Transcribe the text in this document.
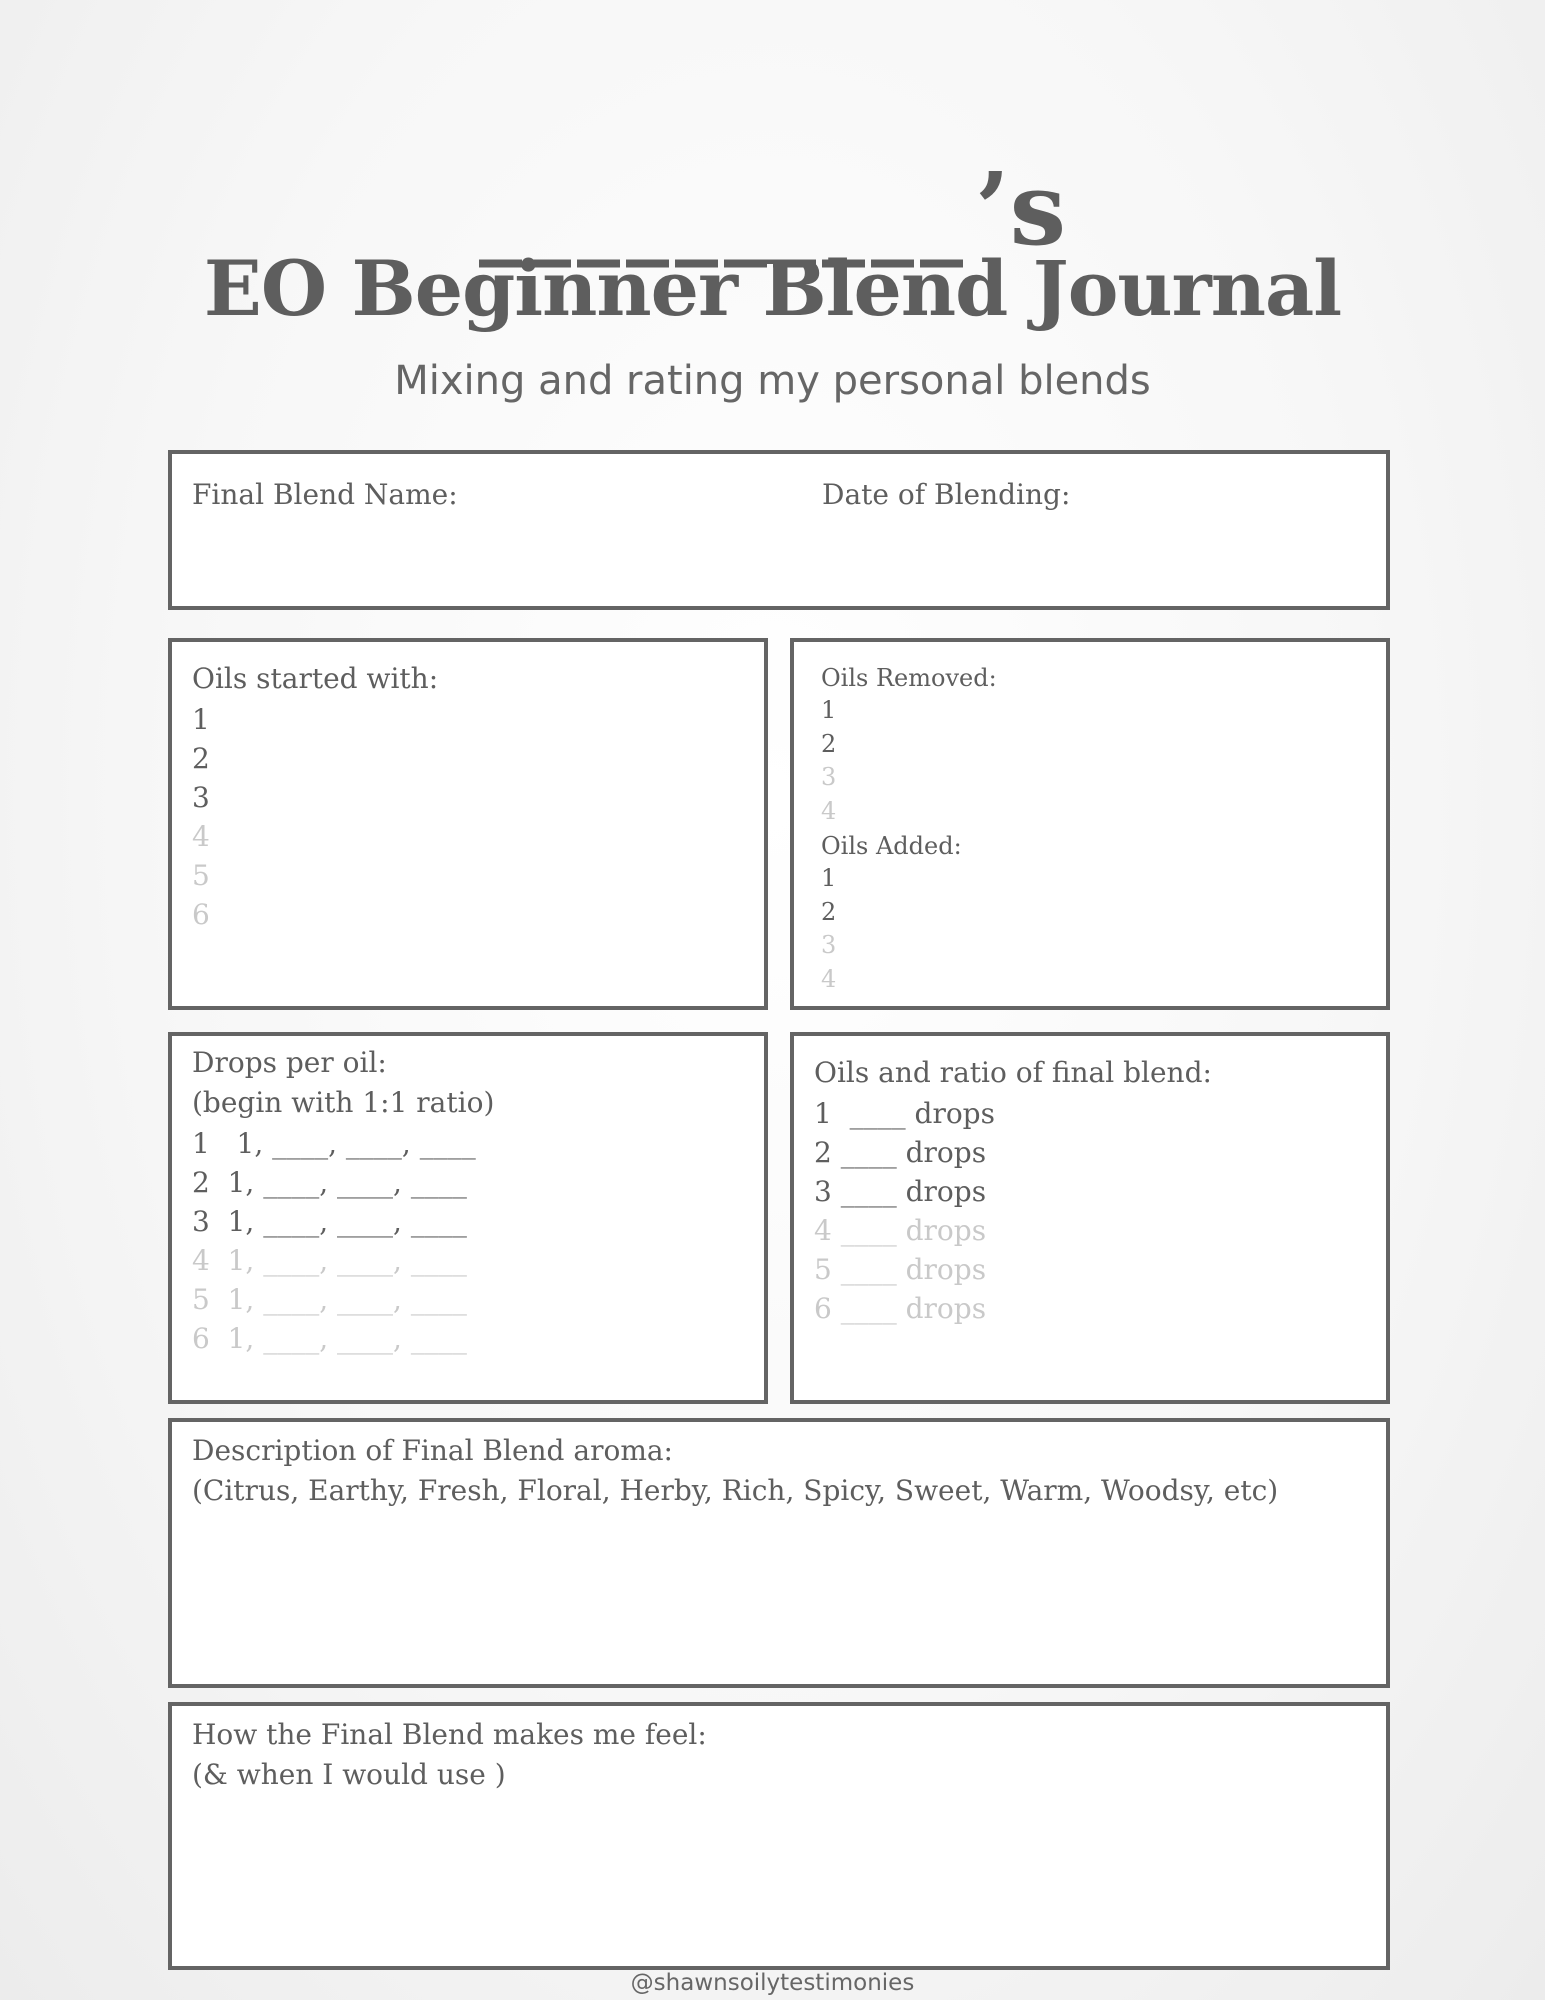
__________’s
EO Beginner Blend Journal
Mixing and rating my personal blends
Final Blend Name:	Date of Blending:
Oils started with:
1
2
3
4
5
6
Oils Removed:
1
2
3
4
Oils Added:
1
2
3
4
Drops per oil:
(begin with 1:1 ratio)
1   1, ____, ____, ____
2  1, ____, ____, ____
3  1, ____, ____, ____
4  1, ____, ____, ____
5  1, ____, ____, ____
6  1, ____, ____, ____
Oils and ratio of final blend:
1  ____ drops
2 ____ drops
3 ____ drops
4 ____ drops
5 ____ drops
6 ____ drops
Description of Final Blend aroma:
(Citrus, Earthy, Fresh, Floral, Herby, Rich, Spicy, Sweet, Warm, Woodsy, etc)
How the Final Blend makes me feel:
(& when I would use )
@shawnsoilytestimonies
